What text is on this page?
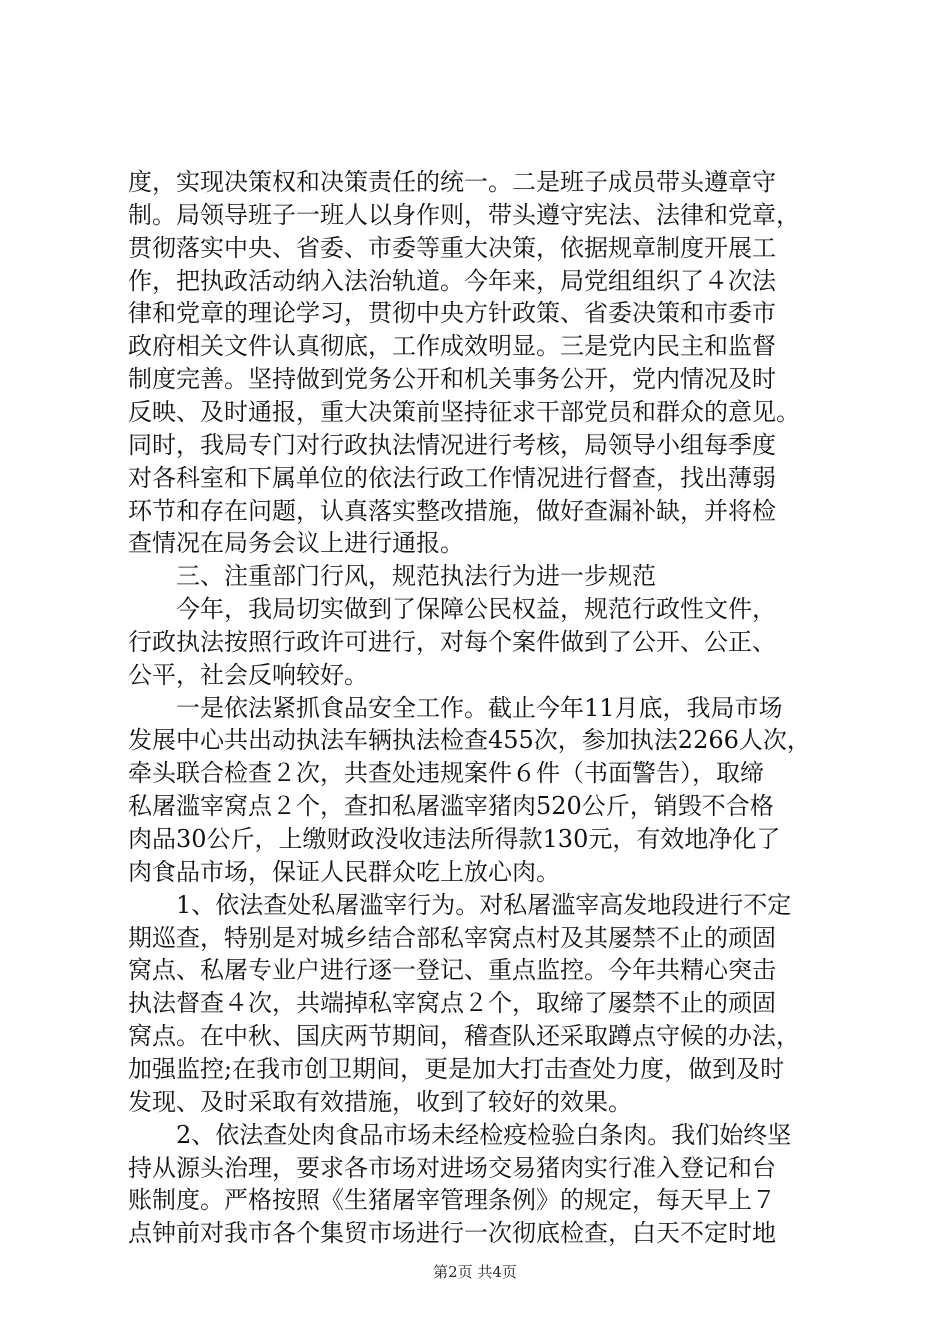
度，实现决策权和决策责任的统一。二是班子成员带头遵章守
制。局领导班子一班人以身作则，带头遵守宪法、法律和党章，
贯彻落实中央、省委、市委等重大决策，依据规章制度开展工
作，把执政活动纳入法治轨道。今年来，局党组组织了４次法
律和党章的理论学习，贯彻中央方针政策、省委决策和市委市
政府相关文件认真彻底，工作成效明显。三是党内民主和监督
制度完善。坚持做到党务公开和机关事务公开，党内情况及时
反映、及时通报，重大决策前坚持征求干部党员和群众的意见。
同时，我局专门对行政执法情况进行考核，局领导小组每季度
对各科室和下属单位的依法行政工作情况进行督查，找出薄弱
环节和存在问题，认真落实整改措施，做好查漏补缺，并将检
查情况在局务会议上进行通报。
　　三、注重部门行风，规范执法行为进一步规范
　　今年，我局切实做到了保障公民权益，规范行政性文件，
行政执法按照行政许可进行，对每个案件做到了公开、公正、
公平，社会反响较好。
　　一是依法紧抓食品安全工作。截止今年11月底，我局市场
发展中心共出动执法车辆执法检查455次，参加执法2266人次，
牵头联合检查２次，共查处违规案件６件（书面警告），取缔
私屠滥宰窝点２个，查扣私屠滥宰猪肉520公斤，销毁不合格
肉品30公斤，上缴财政没收违法所得款130元，有效地净化了
肉食品市场，保证人民群众吃上放心肉。
　　1、依法查处私屠滥宰行为。对私屠滥宰高发地段进行不定
期巡查，特别是对城乡结合部私宰窝点村及其屡禁不止的顽固
窝点、私屠专业户进行逐一登记、重点监控。今年共精心突击
执法督查４次，共端掉私宰窝点２个，取缔了屡禁不止的顽固
窝点。在中秋、国庆两节期间，稽查队还采取蹲点守候的办法，
加强监控;在我市创卫期间，更是加大打击查处力度，做到及时
发现、及时采取有效措施，收到了较好的效果。
　　2、依法查处肉食品市场未经检疫检验白条肉。我们始终坚
持从源头治理，要求各市场对进场交易猪肉实行准入登记和台
账制度。严格按照《生猪屠宰管理条例》的规定，每天早上７
点钟前对我市各个集贸市场进行一次彻底检查，白天不定时地
第2页 共4页
